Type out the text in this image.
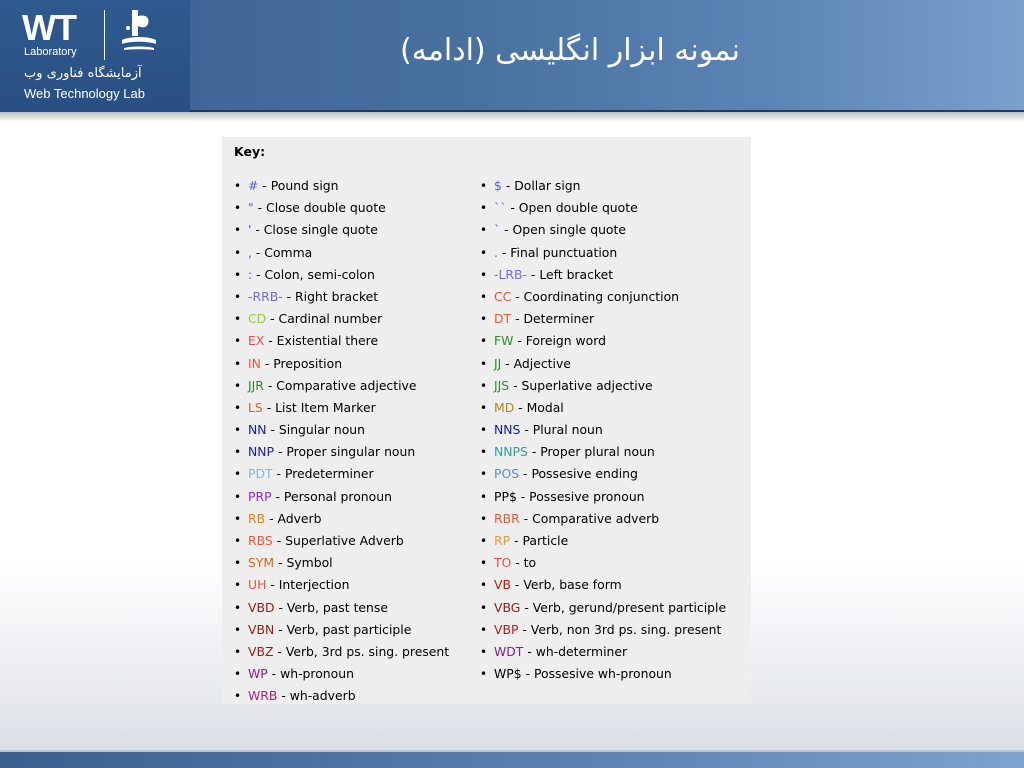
WT
Laboratory
آزمایشگاه فناوری وب
Web Technology Lab
نمونه ابزار انگلیسی (ادامه)
Key:
• # - Pound sign
• " - Close double quote
• ' - Close single quote
• , - Comma
• : - Colon, semi-colon
• -RRB- - Right bracket
• CD - Cardinal number
• EX - Existential there
• IN - Preposition
• JJR - Comparative adjective
• LS - List Item Marker
• NN - Singular noun
• NNP - Proper singular noun
• PDT - Predeterminer
• PRP - Personal pronoun
• RB - Adverb
• RBS - Superlative Adverb
• SYM - Symbol
• UH - Interjection
• VBD - Verb, past tense
• VBN - Verb, past participle
• VBZ - Verb, 3rd ps. sing. present
• WP - wh-pronoun
• WRB - wh-adverb
• $ - Dollar sign
• `` - Open double quote
• ` - Open single quote
• . - Final punctuation
• -LRB- - Left bracket
• CC - Coordinating conjunction
• DT - Determiner
• FW - Foreign word
• JJ - Adjective
• JJS - Superlative adjective
• MD - Modal
• NNS - Plural noun
• NNPS - Proper plural noun
• POS - Possesive ending
• PP$ - Possesive pronoun
• RBR - Comparative adverb
• RP - Particle
• TO - to
• VB - Verb, base form
• VBG - Verb, gerund/present participle
• VBP - Verb, non 3rd ps. sing. present
• WDT - wh-determiner
• WP$ - Possesive wh-pronoun
